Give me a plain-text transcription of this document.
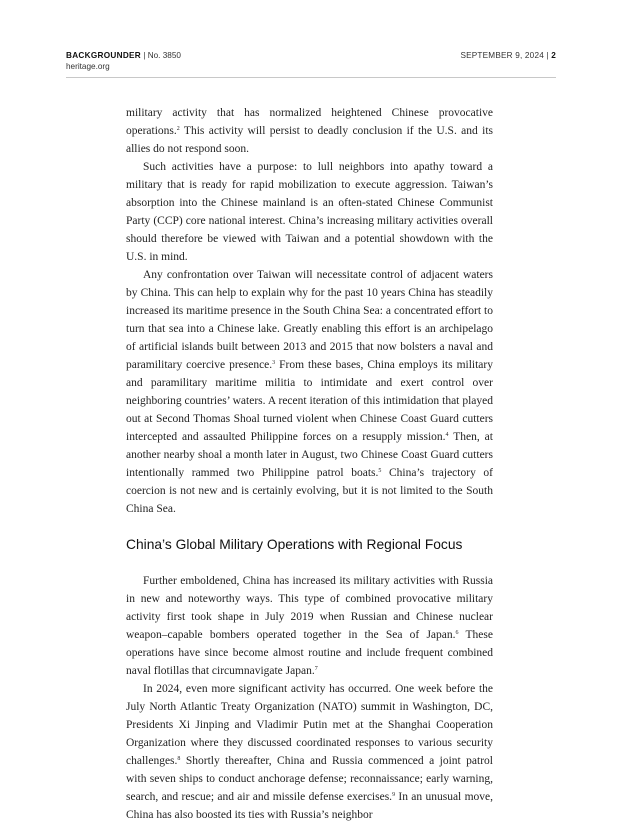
BACKGROUNDER | No. 3850
heritage.org
SEPTEMBER 9, 2024 | 2

military activity that has normalized heightened Chinese provocative operations.$^2$ This activity will persist to deadly conclusion if the U.S. and its allies do not respond soon.

Such activities have a purpose: to lull neighbors into apathy toward a military that is ready for rapid mobilization to execute aggression. Taiwan’s absorption into the Chinese mainland is an often-stated Chinese Communist Party (CCP) core national interest. China’s increasing military activities overall should therefore be viewed with Taiwan and a potential showdown with the U.S. in mind.

Any confrontation over Taiwan will necessitate control of adjacent waters by China. This can help to explain why for the past 10 years China has steadily increased its maritime presence in the South China Sea: a concentrated effort to turn that sea into a Chinese lake. Greatly enabling this effort is an archipelago of artificial islands built between 2013 and 2015 that now bolsters a naval and paramilitary coercive presence.$^3$ From these bases, China employs its military and paramilitary maritime militia to intimidate and exert control over neighboring countries’ waters. A recent iteration of this intimidation that played out at Second Thomas Shoal turned violent when Chinese Coast Guard cutters intercepted and assaulted Philippine forces on a resupply mission.$^4$ Then, at another nearby shoal a month later in August, two Chinese Coast Guard cutters intentionally rammed two Philippine patrol boats.$^5$ China’s trajectory of coercion is not new and is certainly evolving, but it is not limited to the South China Sea.

China’s Global Military Operations with Regional Focus

Further emboldened, China has increased its military activities with Russia in new and noteworthy ways. This type of combined provocative military activity first took shape in July 2019 when Russian and Chinese nuclear weapon–capable bombers operated together in the Sea of Japan.$^6$ These operations have since become almost routine and include frequent combined naval flotillas that circumnavigate Japan.$^7$

In 2024, even more significant activity has occurred. One week before the July North Atlantic Treaty Organization (NATO) summit in Washington, DC, Presidents Xi Jinping and Vladimir Putin met at the Shanghai Cooperation Organization where they discussed coordinated responses to various security challenges.$^8$ Shortly thereafter, China and Russia commenced a joint patrol with seven ships to conduct anchorage defense; reconnaissance; early warning, search, and rescue; and air and missile defense exercises.$^9$ In an unusual move, China has also boosted its ties with Russia’s neighbor
